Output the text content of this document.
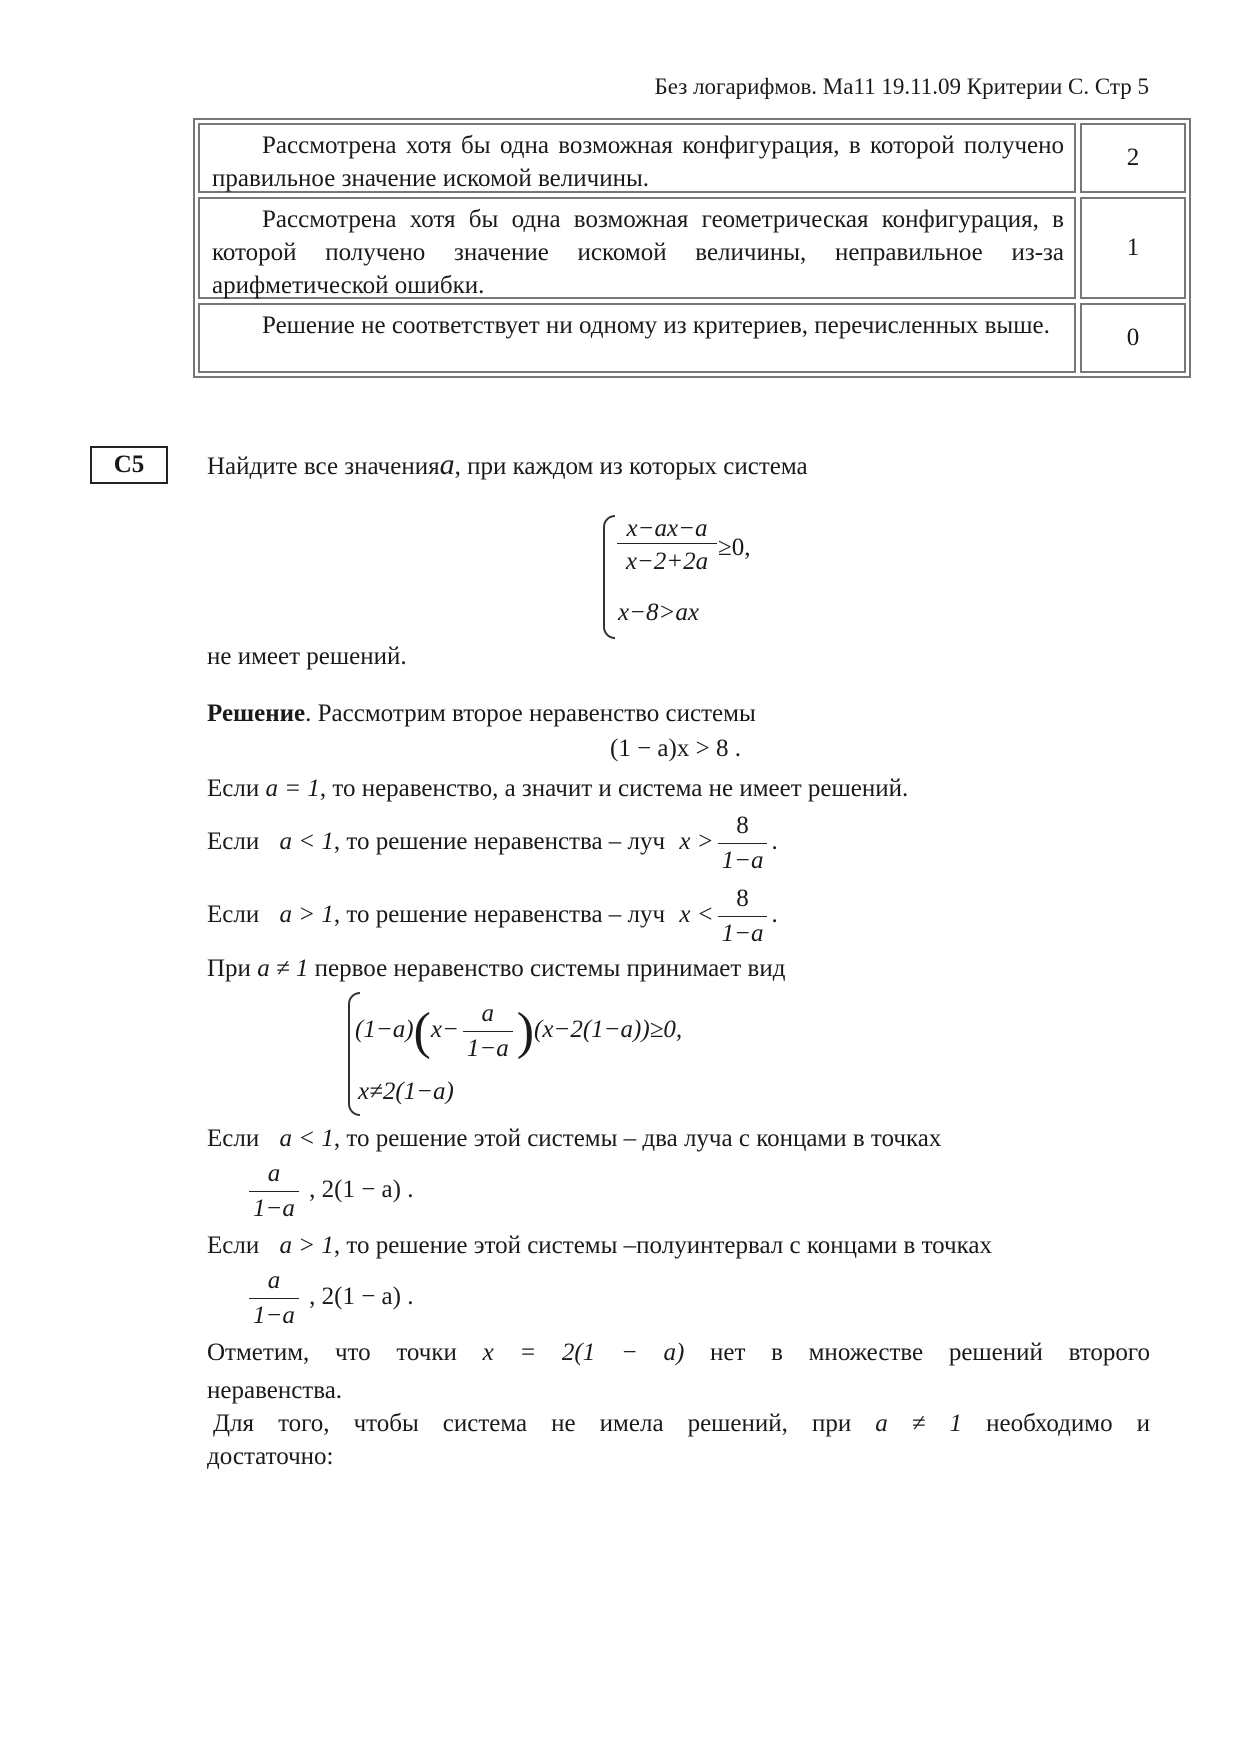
Без логарифмов. Ма11 19.11.09 Критерии С. Стр 5
Рассмотрена хотя бы одна возможная конфигурация, в которой получено правильное значение искомой величины.
2
Рассмотрена хотя бы одна возможная геометрическая конфигурация, в которой получено значение искомой величины, неправильное из-за арифметической ошибки.
1
Решение не соответствует ни одному из критериев, перечисленных выше.	0
C5	Найдите все значенияa, при каждом из которых система
$\frac{x-ax-a}{x-2+2a} \ge 0$,
x−8>ax
не имеет решений.
Решение. Рассмотрим второе неравенство системы
(1 − a)x > 8 .
Если a = 1, то неравенство, а значит и система не имеет решений.
Если a < 1, то решение неравенства – луч $x > \frac{8}{1-a}$ .
Если a > 1, то решение неравенства – луч $x < \frac{8}{1-a}$ .
При a ≠ 1 первое неравенство системы принимает вид
$(1-a)(x- \frac{a}{1-a} )(x-2(1-a))\ge 0$,
x≠2(1−a)
Если a < 1, то решение этой системы – два луча с концами в точках
$\frac{a}{1-a}$ , 2(1 − a) .
Если a > 1, то решение этой системы –полуинтервал с концами в точках
$\frac{a}{1-a}$ , 2(1 − a) .
Отметим, что точки x = 2(1 − a) нет в множестве решений второго
неравенства.
Для того, чтобы система не имела решений, при a ≠ 1 необходимо и
достаточно:
